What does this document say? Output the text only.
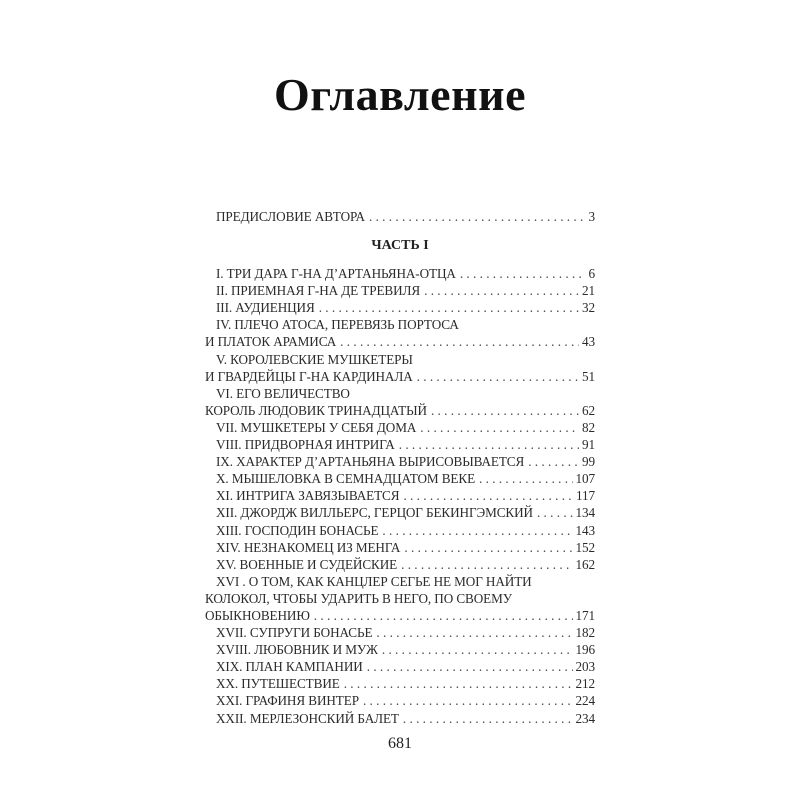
Оглавление
ПРЕДИСЛОВИЕ АВТОРА . . .	3
ЧАСТЬ I
I. ТРИ ДАРА Г-НА Д’АРТАНЬЯНА-ОТЦА . . .	6
II. ПРИЕМНАЯ Г-НА ДЕ ТРЕВИЛЯ . . .	21
III. АУДИЕНЦИЯ . . .	32
IV. ПЛЕЧО АТОСА, ПЕРЕВЯЗЬ ПОРТОСА
И ПЛАТОК АРАМИСА . . .	43
V. КОРОЛЕВСКИЕ МУШКЕТЕРЫ
И ГВАРДЕЙЦЫ Г-НА КАРДИНАЛА . . .	51
VI. ЕГО ВЕЛИЧЕСТВО
КОРОЛЬ ЛЮДОВИК ТРИНАДЦАТЫЙ . . .	62
VII. МУШКЕТЕРЫ У СЕБЯ ДОМА . . .	82
VIII. ПРИДВОРНАЯ ИНТРИГА . . .	91
IX. ХАРАКТЕР Д’АРТАНЬЯНА ВЫРИСОВЫВАЕТСЯ . . .	99
X. МЫШЕЛОВКА В СЕМНАДЦАТОМ ВЕКЕ . . .	107
XI. ИНТРИГА ЗАВЯЗЫВАЕТСЯ . . .	117
XII. ДЖОРДЖ ВИЛЛЬЕРС, ГЕРЦОГ БЕКИНГЭМСКИЙ . . .	134
XIII. ГОСПОДИН БОНАСЬЕ . . .	143
XIV. НЕЗНАКОМЕЦ ИЗ МЕНГА . . .	152
XV. ВОЕННЫЕ И СУДЕЙСКИЕ . . .	162
XVI . О ТОМ, КАК КАНЦЛЕР СЕГЬЕ НЕ МОГ НАЙТИ
КОЛОКОЛ, ЧТОБЫ УДАРИТЬ В НЕГО, ПО СВОЕМУ
ОБЫКНОВЕНИЮ . . .	171
XVII. СУПРУГИ БОНАСЬЕ . . .	182
XVIII. ЛЮБОВНИК И МУЖ . . .	196
XIX. ПЛАН КАМПАНИИ . . .	203
XX. ПУТЕШЕСТВИЕ . . .	212
XXI. ГРАФИНЯ ВИНТЕР . . .	224
XXII. МЕРЛЕЗОНСКИЙ БАЛЕТ . . .	234
681
